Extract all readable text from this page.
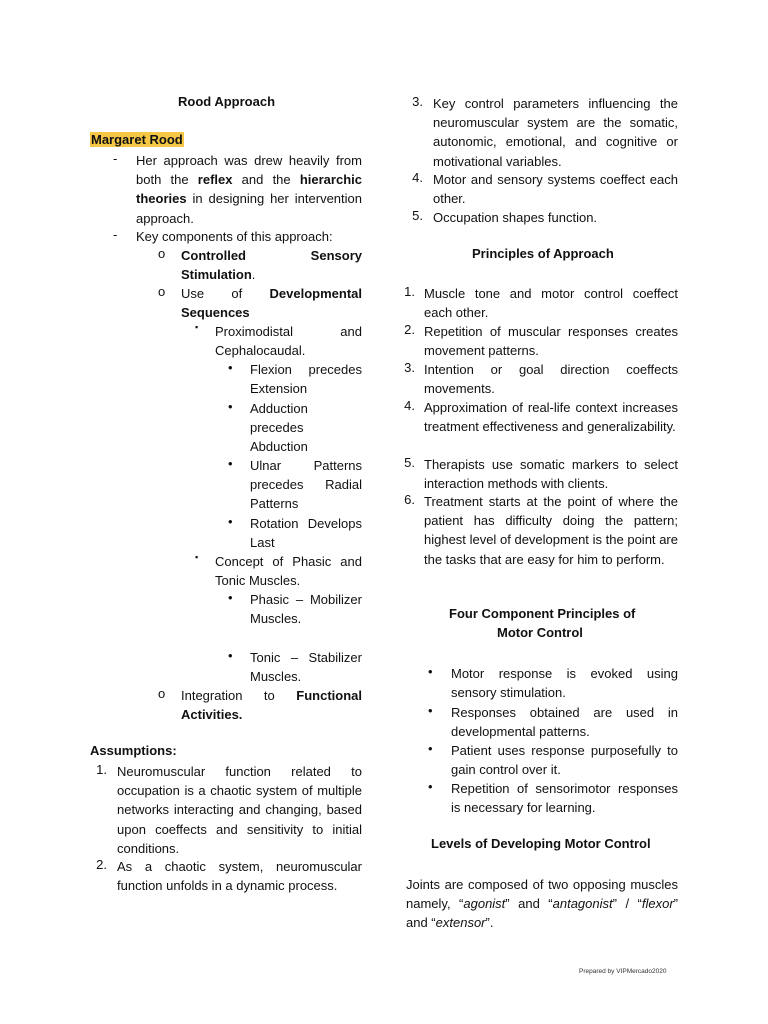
Rood Approach
Margaret Rood
- Her approach was drew heavily from both the reflex and the hierarchic theories in designing her intervention approach.
- Key components of this approach:
o Controlled Sensory Stimulation.
o Use of Developmental Sequences
▪ Proximodistal and Cephalocaudal.
• Flexion precedes Extension
• Adduction precedes Abduction
• Ulnar Patterns precedes Radial Patterns
• Rotation Develops Last
▪ Concept of Phasic and Tonic Muscles.
• Phasic – Mobilizer Muscles.
• Tonic – Stabilizer Muscles.
o Integration to Functional Activities.
Assumptions:
1. Neuromuscular function related to occupation is a chaotic system of multiple networks interacting and changing, based upon coeffects and sensitivity to initial conditions.
2. As a chaotic system, neuromuscular function unfolds in a dynamic process.
3. Key control parameters influencing the neuromuscular system are the somatic, autonomic, emotional, and cognitive or motivational variables.
4. Motor and sensory systems coeffect each other.
5. Occupation shapes function.
Principles of Approach
1. Muscle tone and motor control coeffect each other.
2. Repetition of muscular responses creates movement patterns.
3. Intention or goal direction coeffects movements.
4. Approximation of real-life context increases treatment effectiveness and generalizability.
5. Therapists use somatic markers to select interaction methods with clients.
6. Treatment starts at the point of where the patient has difficulty doing the pattern; highest level of development is the point are the tasks that are easy for him to perform.
Four Component Principles of
Motor Control
• Motor response is evoked using sensory stimulation.
• Responses obtained are used in developmental patterns.
• Patient uses response purposefully to gain control over it.
• Repetition of sensorimotor responses is necessary for learning.
Levels of Developing Motor Control
Joints are composed of two opposing muscles namely, “agonist” and “antagonist” / “flexor” and “extensor”.
Prepared by VIPMercado2020
